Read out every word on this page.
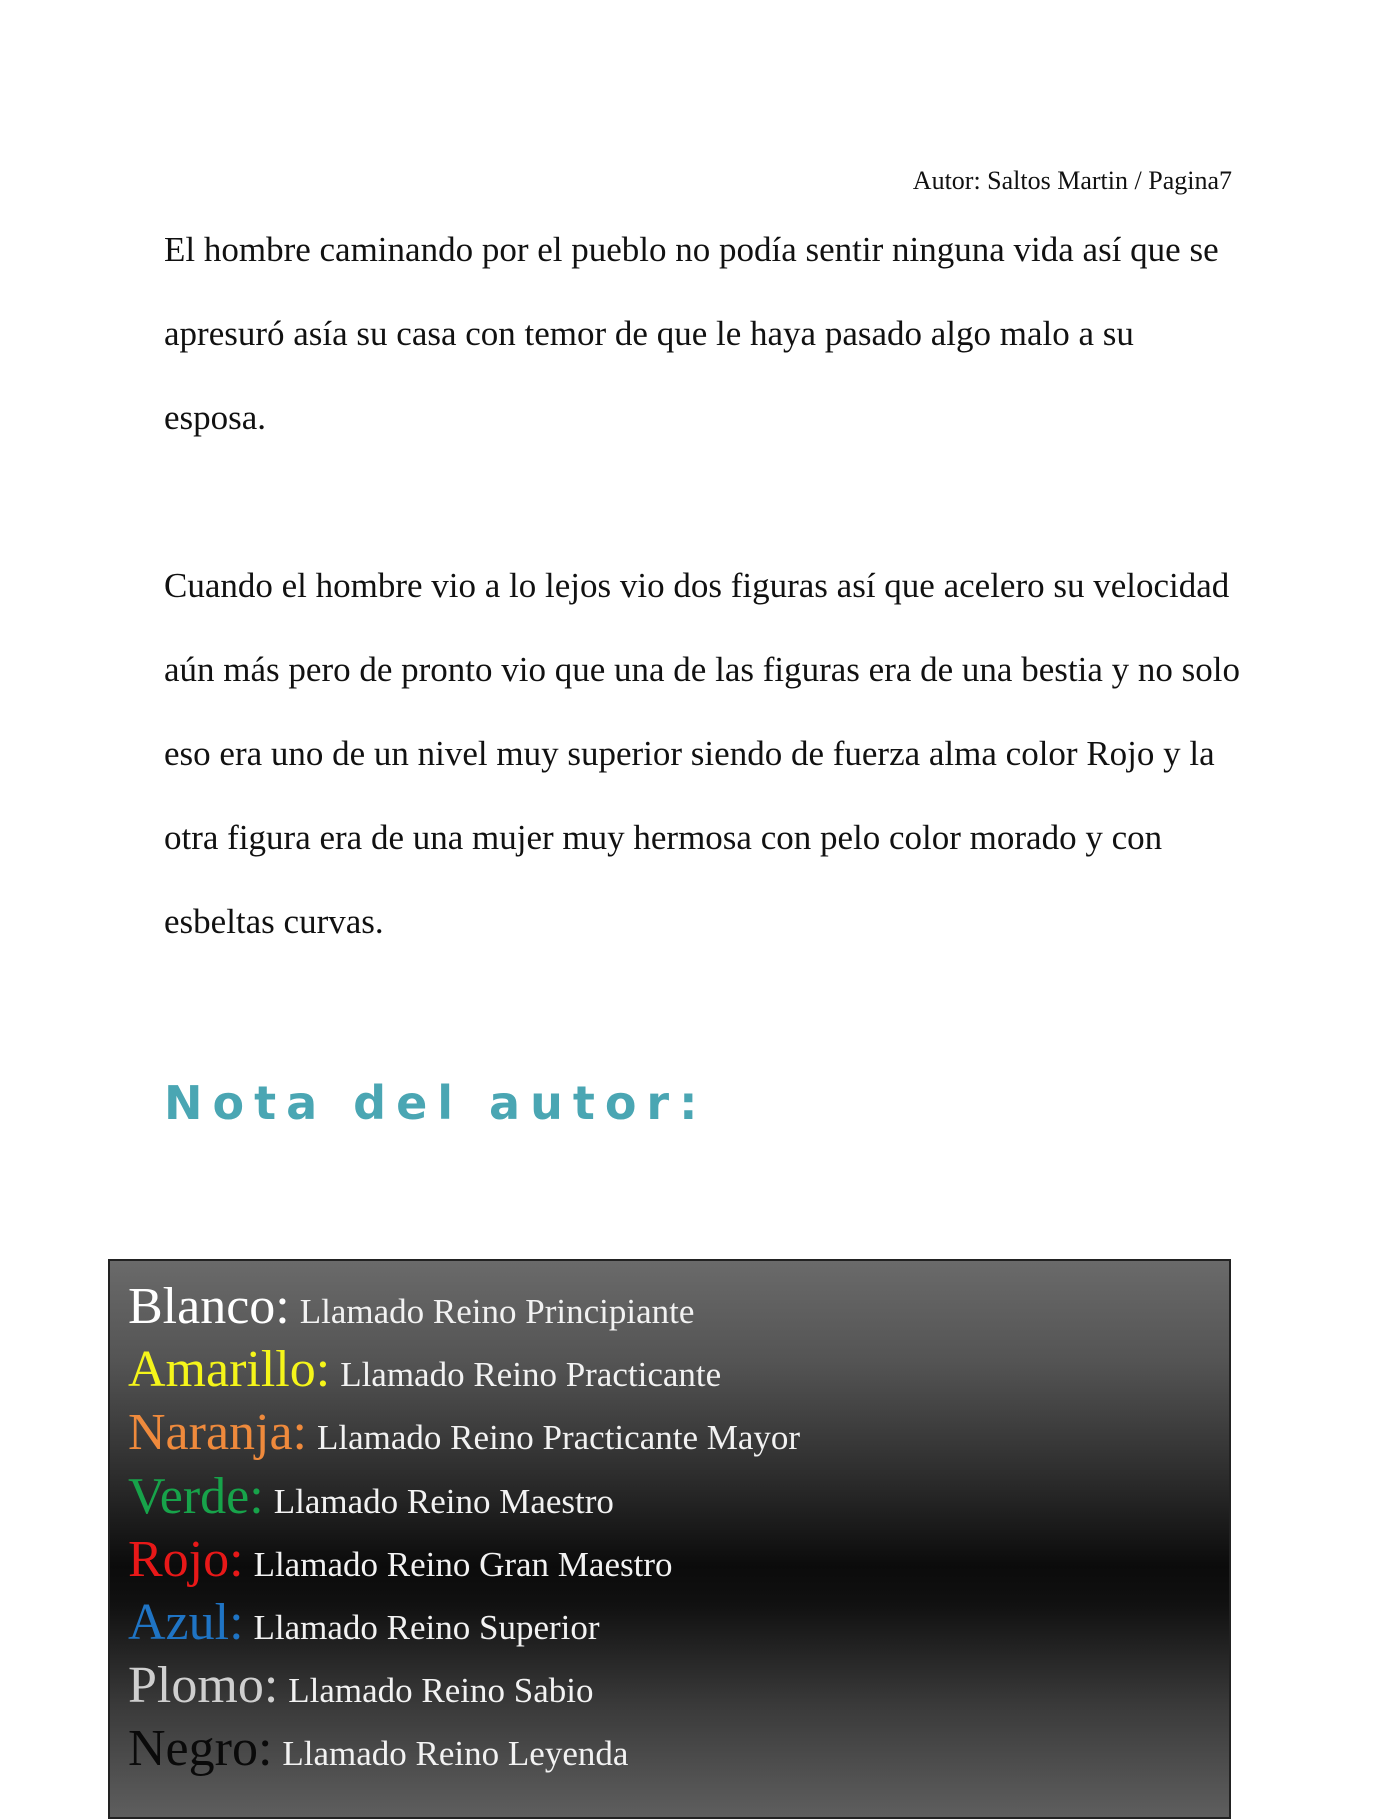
Autor: Saltos Martin / Pagina7

El hombre caminando por el pueblo no podía sentir ninguna vida así que se apresuró asía su casa con temor de que le haya pasado algo malo a su esposa.

Cuando el hombre vio a lo lejos vio dos figuras así que acelero su velocidad aún más pero de pronto vio que una de las figuras era de una bestia y no solo eso era uno de un nivel muy superior siendo de fuerza alma color Rojo y la otra figura era de una mujer muy hermosa con pelo color morado y con esbeltas curvas.

Nota del autor:
Blanco: Llamado Reino Principiante
Amarillo: Llamado Reino Practicante
Naranja: Llamado Reino Practicante Mayor
Verde: Llamado Reino Maestro
Rojo: Llamado Reino Gran Maestro
Azul: Llamado Reino Superior
Plomo: Llamado Reino Sabio
Negro: Llamado Reino Leyenda
